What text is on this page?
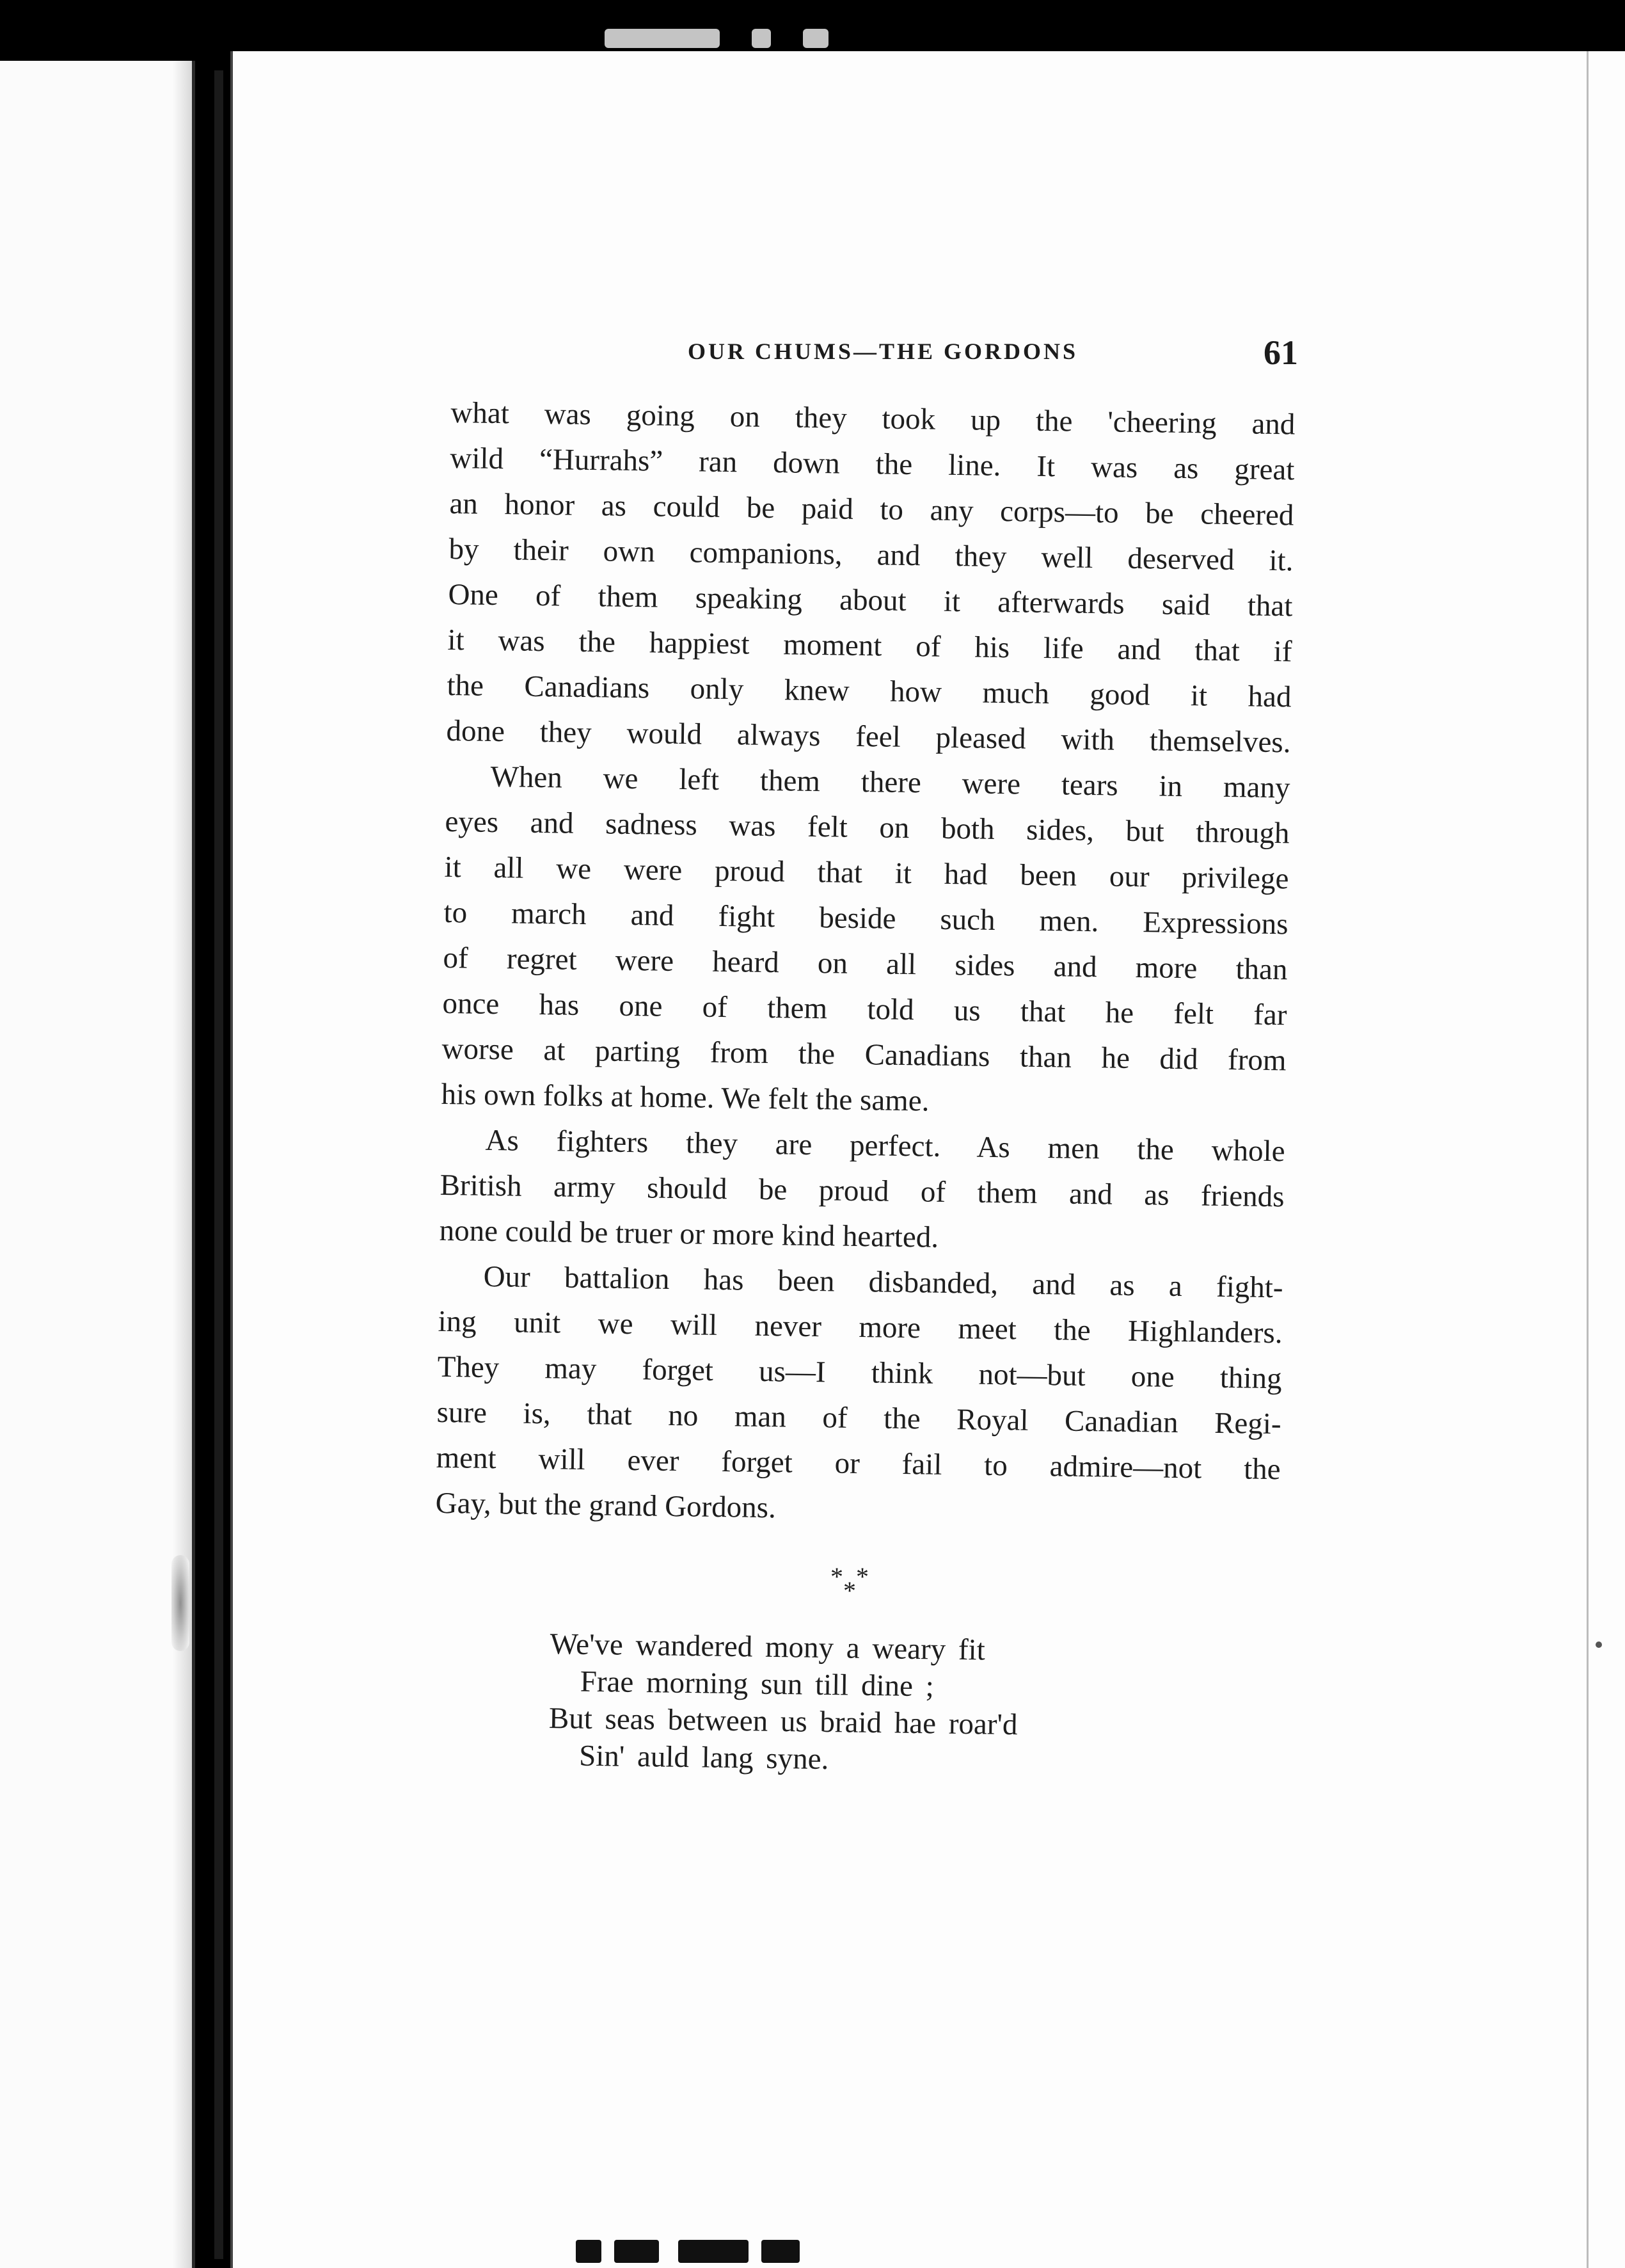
OUR CHUMS—THE GORDONS	61
what was going on they took up the 'cheering and
wild “Hurrahs” ran down the line. It was as great
an honor as could be paid to any corps—to be cheered
by their own companions, and they well deserved it.
One of them speaking about it afterwards said that
it was the happiest moment of his life and that if
the Canadians only knew how much good it had
done they would always feel pleased with themselves.
When we left them there were tears in many
eyes and sadness was felt on both sides, but through
it all we were proud that it had been our privilege
to march and fight beside such men. Expressions
of regret were heard on all sides and more than
once has one of them told us that he felt far
worse at parting from the Canadians than he did from
his own folks at home. We felt the same.
As fighters they are perfect. As men the whole
British army should be proud of them and as friends
none could be truer or more kind hearted.
Our battalion has been disbanded, and as a fight-
ing unit we will never more meet the Highlanders.
They may forget us—I think not—but one thing
sure is, that no man of the Royal Canadian Regi-
ment will ever forget or fail to admire—not the
Gay, but the grand Gordons.
* *
*
We've wandered mony a weary fit
Frae morning sun till dine ;
But seas between us braid hae roar'd
Sin' auld lang syne.
